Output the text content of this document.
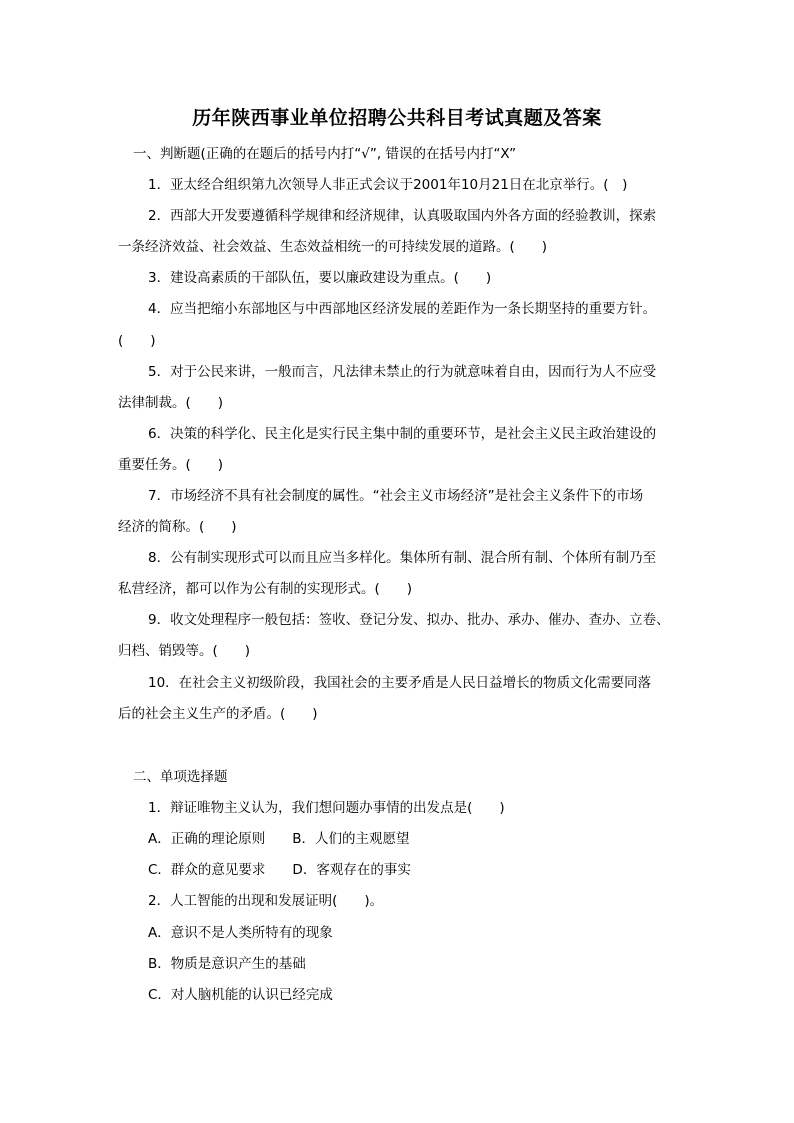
历年陕西事业单位招聘公共科目考试真题及答案
一、判断题(正确的在题后的括号内打“√”, 错误的在括号内打“X”
1．亚太经合组织第九次领导人非正式会议于2001年10月21日在北京举行。(　)
2．西部大开发要遵循科学规律和经济规律，认真吸取国内外各方面的经验教训，探索
一条经济效益、社会效益、生态效益相统一的可持续发展的道路。(　　)
3．建设高素质的干部队伍，要以廉政建设为重点。(　　)
4．应当把缩小东部地区与中西部地区经济发展的差距作为一条长期坚持的重要方针。
(　　)
5．对于公民来讲，一般而言，凡法律未禁止的行为就意味着自由，因而行为人不应受
法律制裁。(　　)
6．决策的科学化、民主化是实行民主集中制的重要环节，是社会主义民主政治建设的
重要任务。(　　)
7．市场经济不具有社会制度的属性。“社会主义市场经济”是社会主义条件下的市场
经济的简称。(　　)
8．公有制实现形式可以而且应当多样化。集体所有制、混合所有制、个体所有制乃至
私营经济，都可以作为公有制的实现形式。(　　)
9．收文处理程序一般包括：签收、登记分发、拟办、批办、承办、催办、查办、立卷、
归档、销毁等。(　　)
10．在社会主义初级阶段，我国社会的主要矛盾是人民日益增长的物质文化需要同落
后的社会主义生产的矛盾。(　　)
二、单项选择题
1．辩证唯物主义认为，我们想问题办事情的出发点是(　　)
A．正确的理论原则　　B．人们的主观愿望
C．群众的意见要求　　D．客观存在的事实
2．人工智能的出现和发展证明(　　)。
A．意识不是人类所特有的现象
B．物质是意识产生的基础
C．对人脑机能的认识已经完成
